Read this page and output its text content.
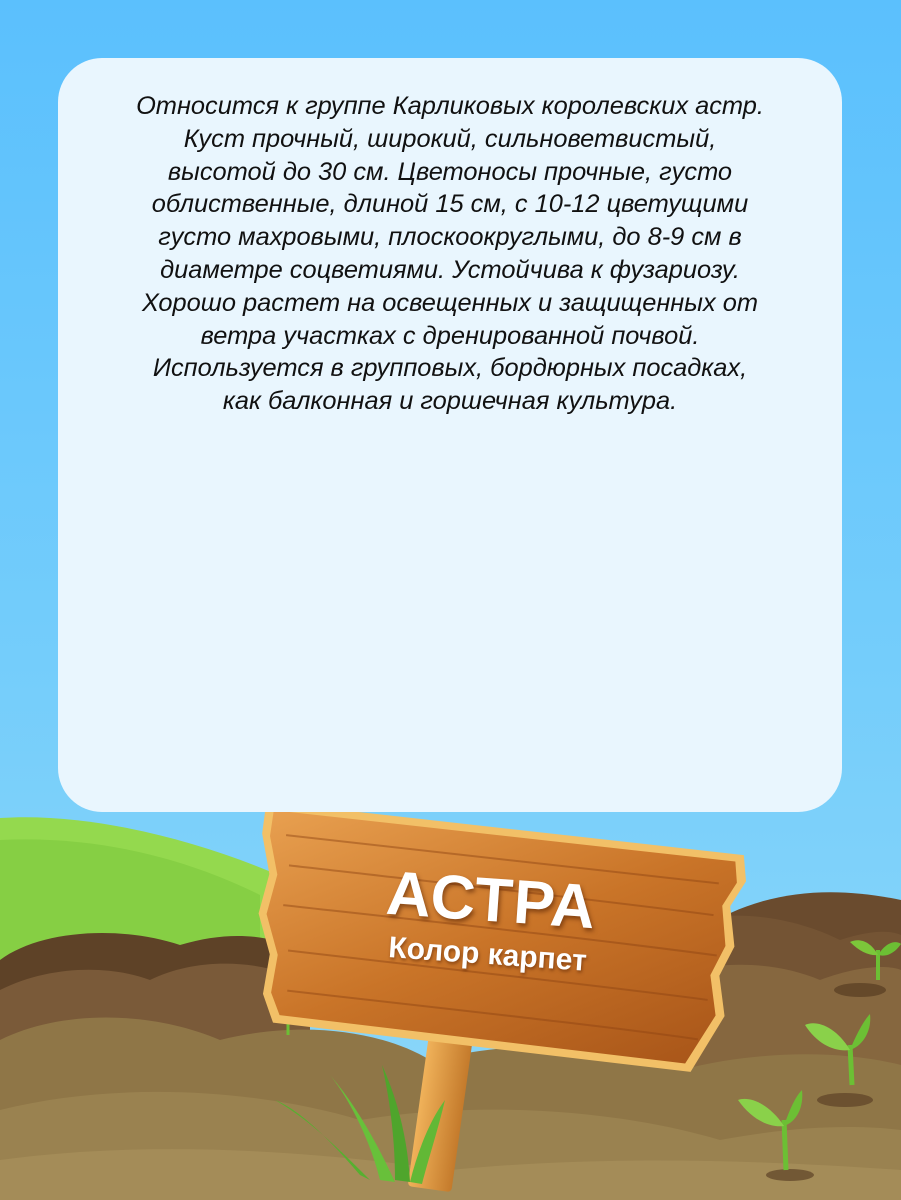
Относится к группе Карликовых королевских астр.
Куст прочный, широкий, сильноветвистый,
высотой до 30 см. Цветоносы прочные, густо
облиственные, длиной 15 см, с 10-12 цветущими
густо махровыми, плоскоокруглыми, до 8-9 см в
диаметре соцветиями. Устойчива к фузариозу.
Хорошо растет на освещенных и защищенных от
ветра участках с дренированной почвой.
Используется в групповых, бордюрных посадках,
как балконная и горшечная культура.

АСТРА
Колор карпет
